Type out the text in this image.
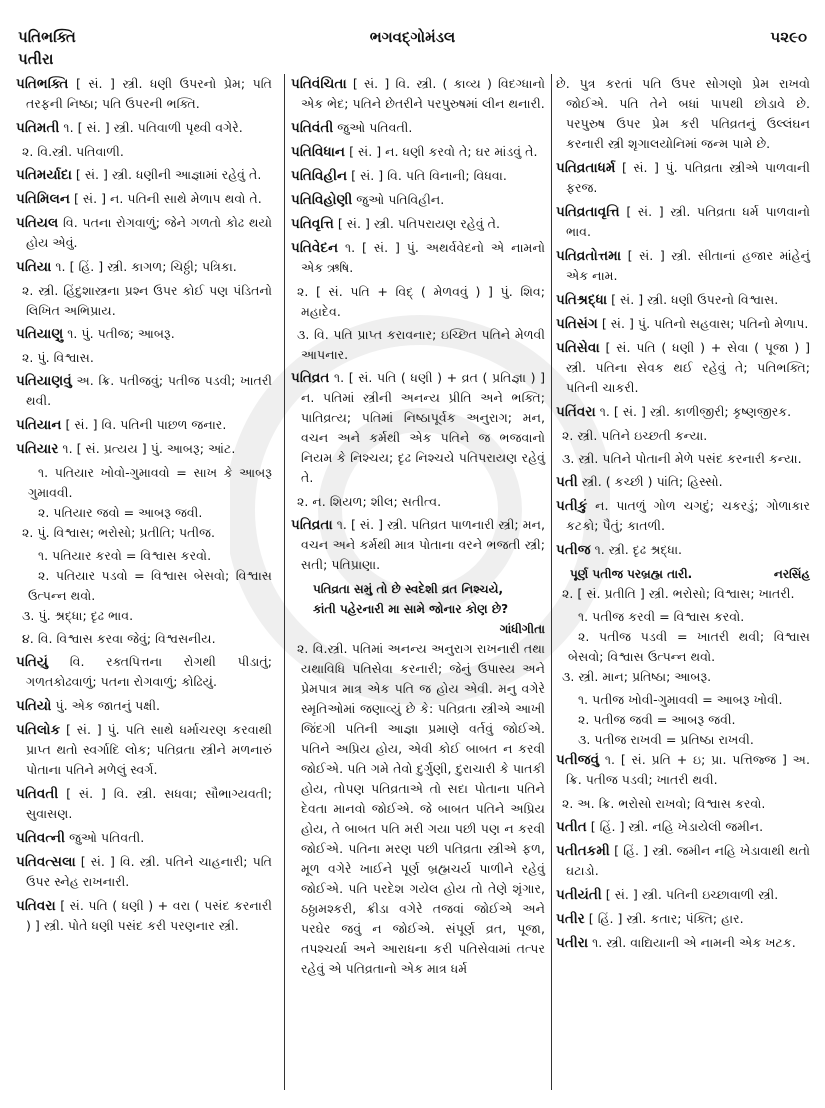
પતિભક્તિ
પતીરા
ભગવદ્ગોમંડલ	૫૨૯૦
પતિભક્તિ [ સં. ] સ્ત્રી. ધણી ઉપરનો પ્રેમ; પતિ તરફની નિષ્ઠા; પતિ ઉપરની ભક્તિ.
પતિમતી ૧. [ સં. ] સ્ત્રી. પતિવાળી પૃથ્વી વગેરે.
૨. વિ.સ્ત્રી. પતિવાળી.
પતિમર્યાદા [ સં. ] સ્ત્રી. ધણીની આજ્ઞામાં રહેવું તે.
પતિમિલન [ સં. ] ન. પતિની સાથે મેળાપ થવો તે.
પતિયલ વિ. પતના રોગવાળું; જેને ગળતો કોઢ થયો હોય એવું.
પતિયા ૧. [ હિં. ] સ્ત્રી. કાગળ; ચિઠ્ઠી; પત્રિકા.
૨. સ્ત્રી. હિંદુશાસ્ત્રના પ્રશ્ન ઉપર કોઈ પણ પંડિતનો લિખિત અભિપ્રાય.
પતિયાણુ ૧. પું. પતીજ; આબરૂ.
૨. પું. વિશ્વાસ.
પતિયાણવું અ. ક્રિ. પતીજવું; પતીજ પડવી; ખાતરી થવી.
પતિયાન [ સં. ] વિ. પતિની પાછળ જનાર.
પતિયાર ૧. [ સં. પ્રત્યય ] પું. આબરૂ; આંટ.
૧. પતિયાર ખોવો-ગુમાવવો = સાખ કે આબરૂ ગુમાવવી.
૨. પતિયાર જવો = આબરૂ જવી.
૨. પું. વિશ્વાસ; ભરોસો; પ્રતીતિ; પતીજ.
૧. પતિયાર કરવો = વિશ્વાસ કરવો.
૨. પતિયાર પડવો = વિશ્વાસ બેસવો; વિશ્વાસ ઉત્પન્ન થવો.
૩. પું. શ્રદ્ધા; દૃઢ ભાવ.
૪. વિ. વિશ્વાસ કરવા જેવું; વિશ્વસનીય.
પતિયું વિ. રક્તપિત્તના રોગથી પીડાતું; ગળતકોઢવાળું; પતના રોગવાળું; કોઢિયું.
પતિયો પું. એક જાતનું પક્ષી.
પતિલોક [ સં. ] પું. પતિ સાથે ધર્માચરણ કરવાથી પ્રાપ્ત થતો સ્વર્ગાદિ લોક; પતિવ્રતા સ્ત્રીને મળનારું પોતાના પતિને મળેલું સ્વર્ગ.
પતિવતી [ સં. ] વિ. સ્ત્રી. સધવા; સૌભાગ્યવતી; સુવાસણ.
પતિવત્ની જુઓ પતિવતી.
પતિવત્સલા [ સં. ] વિ. સ્ત્રી. પતિને ચાહનારી; પતિ ઉપર સ્નેહ રાખનારી.
પતિવરા [ સં. પતિ ( ધણી ) + વરા ( પસંદ કરનારી ) ] સ્ત્રી. પોતે ધણી પસંદ કરી પરણનાર સ્ત્રી.
પતિવંચિતા [ સં. ] વિ. સ્ત્રી. ( કાવ્ય ) વિદગ્ધાનો એક ભેદ; પતિને છેતરીને પરપુરુષમાં લીન થનારી.
પતિવંતી જુઓ પતિવતી.
પતિવિધાન [ સં. ] ન. ધણી કરવો તે; ઘર માંડવું તે.
પતિવિહીન [ સં. ] વિ. પતિ વિનાની; વિધવા.
પતિવિહોણી જુઓ પતિવિહીન.
પતિવૃત્તિ [ સં. ] સ્ત્રી. પતિપરાયણ રહેવું તે.
પતિવેદન ૧. [ સં. ] પું. અથર્વવેદનો એ નામનો એક ઋષિ.
૨. [ સં. પતિ + વિદ્ ( મેળવવું ) ] પું. શિવ; મહાદેવ.
૩. વિ. પતિ પ્રાપ્ત કરાવનાર; ઇચ્છિત પતિને મેળવી આપનાર.
પતિવ્રત ૧. [ સં. પતિ ( ધણી ) + વ્રત ( પ્રતિજ્ઞા ) ] ન. પતિમાં સ્ત્રીની અનન્ય પ્રીતિ અને ભક્તિ; પાતિવ્રત્ય; પતિમાં નિષ્ઠાપૂર્વક અનુરાગ; મન, વચન અને કર્મથી એક પતિને જ ભજવાનો નિયમ કે નિશ્ચય; દૃઢ નિશ્ચયે પતિપરાયણ રહેવું તે.
૨. ન. શિયળ; શીલ; સતીત્વ.
પતિવ્રતા ૧. [ સં. ] સ્ત્રી. પતિવ્રત પાળનારી સ્ત્રી; મન, વચન અને કર્મથી માત્ર પોતાના વરને ભજતી સ્ત્રી; સતી; પતિપ્રાણા.
પતિવ્રતા સમું તો છે સ્વદેશી વ્રત નિશ્ચયે,
કાંતી પહેરનારી મા સામે જોનાર કોણ છે?
ગાંધીગીતા
૨. વિ.સ્ત્રી. પતિમાં અનન્ય અનુરાગ રાખનારી તથા યથાવિધિ પતિસેવા કરનારી; જેનું ઉપાસ્ય અને પ્રેમપાત્ર માત્ર એક પતિ જ હોય એવી. મનુ વગેરે સ્મૃતિઓમાં જણાવ્યું છે કે: પતિવ્રતા સ્ત્રીએ આખી જિંદગી પતિની આજ્ઞા પ્રમાણે વર્તવું જોઈએ. પતિને અપ્રિય હોય, એવી કોઈ બાબત ન કરવી જોઈએ. પતિ ગમે તેવો દુર્ગુણી, દુરાચારી કે પાતકી હોય, તોપણ પતિવ્રતાએ તો સદા પોતાના પતિને દેવતા માનવો જોઈએ. જે બાબત પતિને અપ્રિય હોય, તે બાબત પતિ મરી ગયા પછી પણ ન કરવી જોઈએ. પતિના મરણ પછી પતિવ્રતા સ્ત્રીએ ફળ, મૂળ વગેરે ખાઈને પૂર્ણ બ્રહ્મચર્ય પાળીને રહેવું જોઈએ. પતિ પરદેશ ગયેલ હોય તો તેણે શૃંગાર, ઠઠ્ઠામશ્કરી, ક્રીડા વગેરે તજવાં જોઈએ અને પરઘેર જવું ન જોઈએ. સંપૂર્ણ વ્રત, પૂજા, તપશ્ચર્યા અને આરાધના કરી પતિસેવામાં તત્પર રહેવું એ પતિવ્રતાનો એક માત્ર ધર્મ
છે. પુત્ર કરતાં પતિ ઉપર સોગણો પ્રેમ રાખવો જોઈએ. પતિ તેને બધાં પાપથી છોડાવે છે. પરપુરુષ ઉપર પ્રેમ કરી પતિવ્રતનું ઉલ્લંઘન કરનારી સ્ત્રી શૃગાલયોનિમાં જન્મ પામે છે.
પતિવ્રતાધર્મ [ સં. ] પું. પતિવ્રતા સ્ત્રીએ પાળવાની ફરજ.
પતિવ્રતાવૃત્તિ [ સં. ] સ્ત્રી. પતિવ્રતા ધર્મ પાળવાનો ભાવ.
પતિવ્રતોત્તમા [ સં. ] સ્ત્રી. સીતાનાં હજાર માંહેનું એક નામ.
પતિશ્રદ્ધા [ સં. ] સ્ત્રી. ધણી ઉપરનો વિશ્વાસ.
પતિસંગ [ સં. ] પું. પતિનો સહવાસ; પતિનો મેળાપ.
પતિસેવા [ સં. પતિ ( ધણી ) + સેવા ( પૂજા ) ] સ્ત્રી. પતિના સેવક થઈ રહેવું તે; પતિભક્તિ; પતિની ચાકરી.
પતિંવરા ૧. [ સં. ] સ્ત્રી. કાળીજીરી; કૃષ્ણજીરક.
૨. સ્ત્રી. પતિને ઇચ્છતી કન્યા.
૩. સ્ત્રી. પતિને પોતાની મેળે પસંદ કરનારી કન્યા.
પતી સ્ત્રી. ( કચ્છી ) પાંતિ; હિસ્સો.
પતીકું ન. પાતળું ગોળ ચગદું; ચકરડું; ગોળાકાર કટકો; પૈતું; કાતળી.
પતીજ ૧. સ્ત્રી. દૃઢ શ્રદ્ધા.
પૂર્ણ પતીજ પરબ્રહ્મ તારી.	નરસિંહ
૨. [ સં. પ્રતીતિ ] સ્ત્રી. ભરોસો; વિશ્વાસ; ખાતરી.
૧. પતીજ કરવી = વિશ્વાસ કરવો.
૨. પતીજ પડવી = ખાતરી થવી; વિશ્વાસ બેસવો; વિશ્વાસ ઉત્પન્ન થવો.
૩. સ્ત્રી. માન; પ્રતિષ્ઠા; આબરૂ.
૧. પતીજ ખોવી-ગુમાવવી = આબરૂ ખોવી.
૨. પતીજ જવી = આબરૂ જવી.
૩. પતીજ રાખવી = પ્રતિષ્ઠા રાખવી.
પતીજવું ૧. [ સં. પ્રતિ + ઇ; પ્રા. પત્તિજ્જ ] અ. ક્રિ. પતીજ પડવી; ખાતરી થવી.
૨. અ. ક્રિ. ભરોસો રાખવો; વિશ્વાસ કરવો.
પતીત [ હિં. ] સ્ત્રી. નહિ ખેડાયેલી જમીન.
પતીતકમી [ હિં. ] સ્ત્રી. જમીન નહિ ખેડાવાથી થતો ઘટાડો.
પતીયંતી [ સં. ] સ્ત્રી. પતિની ઇચ્છાવાળી સ્ત્રી.
પતીર [ હિં. ] સ્ત્રી. કતાર; પંક્તિ; હાર.
પતીરા ૧. સ્ત્રી. વાદ્યિયાની એ નામની એક ખટક.
